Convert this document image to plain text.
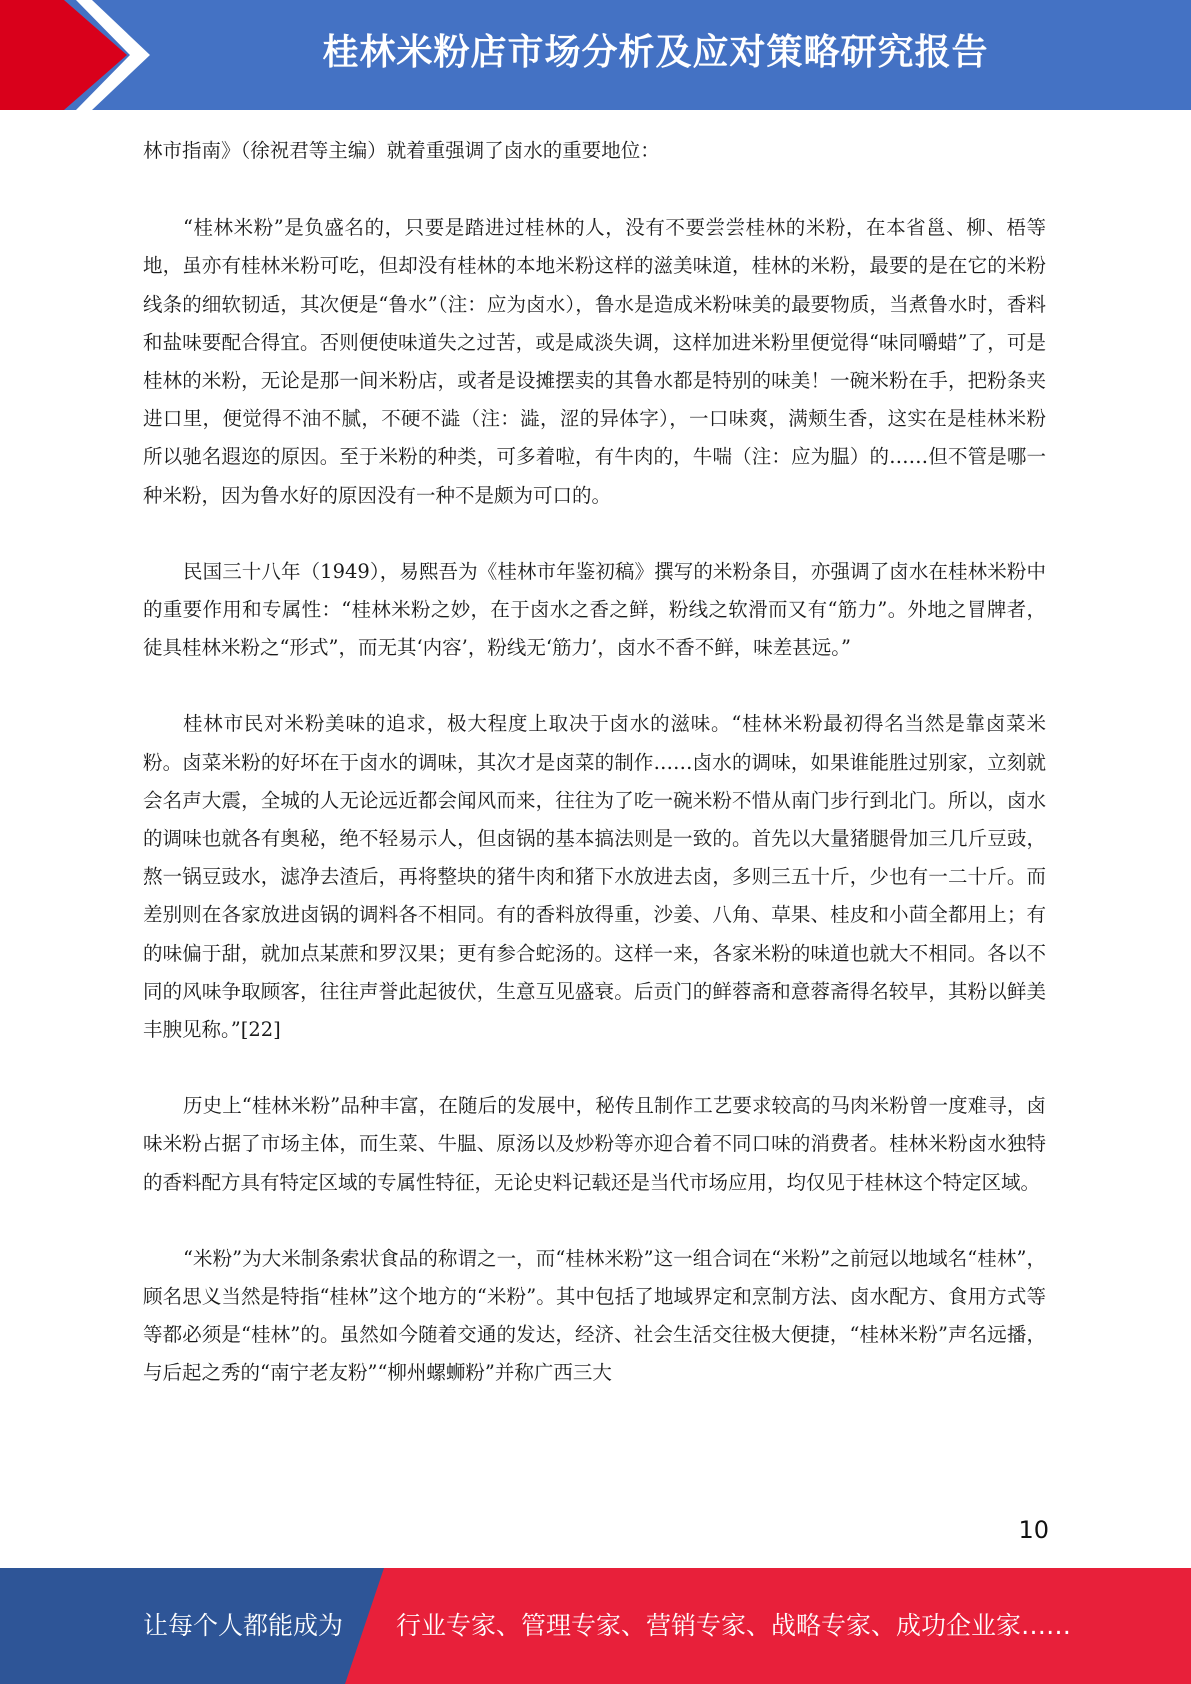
桂林米粉店市场分析及应对策略研究报告

林市指南》（徐祝君等主编）就着重强调了卤水的重要地位：

“桂林米粉”是负盛名的，只要是踏进过桂林的人，没有不要尝尝桂林的米粉，在本省邕、柳、梧等地，虽亦有桂林米粉可吃，但却没有桂林的本地米粉这样的滋美味道，桂林的米粉，最要的是在它的米粉线条的细软韧适，其次便是“鲁水”（注：应为卤水），鲁水是造成米粉味美的最要物质，当煮鲁水时，香料和盐味要配合得宜。否则便使味道失之过苦，或是咸淡失调，这样加进米粉里便觉得“味同嚼蜡”了，可是桂林的米粉，无论是那一间米粉店，或者是设摊摆卖的其鲁水都是特别的味美！一碗米粉在手，把粉条夹进口里，便觉得不油不腻，不硬不澁（注：澁，涩的异体字），一口味爽，满颊生香，这实在是桂林米粉所以驰名遐迩的原因。至于米粉的种类，可多着啦，有牛肉的，牛喘（注：应为腽）的……但不管是哪一种米粉，因为鲁水好的原因没有一种不是颇为可口的。

民国三十八年（1949），易熙吾为《桂林市年鉴初稿》撰写的米粉条目，亦强调了卤水在桂林米粉中的重要作用和专属性：“桂林米粉之妙，在于卤水之香之鲜，粉线之软滑而又有“筋力”。外地之冒牌者，徒具桂林米粉之“形式”，而无其‘内容’，粉线无‘筋力’，卤水不香不鲜，味差甚远。”

桂林市民对米粉美味的追求，极大程度上取决于卤水的滋味。“桂林米粉最初得名当然是靠卤菜米粉。卤菜米粉的好坏在于卤水的调味，其次才是卤菜的制作……卤水的调味，如果谁能胜过别家，立刻就会名声大震，全城的人无论远近都会闻风而来，往往为了吃一碗米粉不惜从南门步行到北门。所以，卤水的调味也就各有奥秘，绝不轻易示人，但卤锅的基本搞法则是一致的。首先以大量猪腿骨加三几斤豆豉，熬一锅豆豉水，滤净去渣后，再将整块的猪牛肉和猪下水放进去卤，多则三五十斤，少也有一二十斤。而差别则在各家放进卤锅的调料各不相同。有的香料放得重，沙姜、八角、草果、桂皮和小茴全都用上；有的味偏于甜，就加点某蔗和罗汉果；更有参合蛇汤的。这样一来，各家米粉的味道也就大不相同。各以不同的风味争取顾客，往往声誉此起彼伏，生意互见盛衰。后贡门的鲜蓉斋和意蓉斋得名较早，其粉以鲜美丰腴见称。”[22]

历史上“桂林米粉”品种丰富，在随后的发展中，秘传且制作工艺要求较高的马肉米粉曾一度难寻，卤味米粉占据了市场主体，而生菜、牛腽、原汤以及炒粉等亦迎合着不同口味的消费者。桂林米粉卤水独特的香料配方具有特定区域的专属性特征，无论史料记载还是当代市场应用，均仅见于桂林这个特定区域。

“米粉”为大米制条索状食品的称谓之一，而“桂林米粉”这一组合词在“米粉”之前冠以地域名“桂林”，顾名思义当然是特指“桂林”这个地方的“米粉”。其中包括了地域界定和烹制方法、卤水配方、食用方式等等都必须是“桂林”的。虽然如今随着交通的发达，经济、社会生活交往极大便捷，“桂林米粉”声名远播，与后起之秀的“南宁老友粉”“柳州螺蛳粉”并称广西三大

10
让每个人都能成为 行业专家、管理专家、营销专家、战略专家、成功企业家……
